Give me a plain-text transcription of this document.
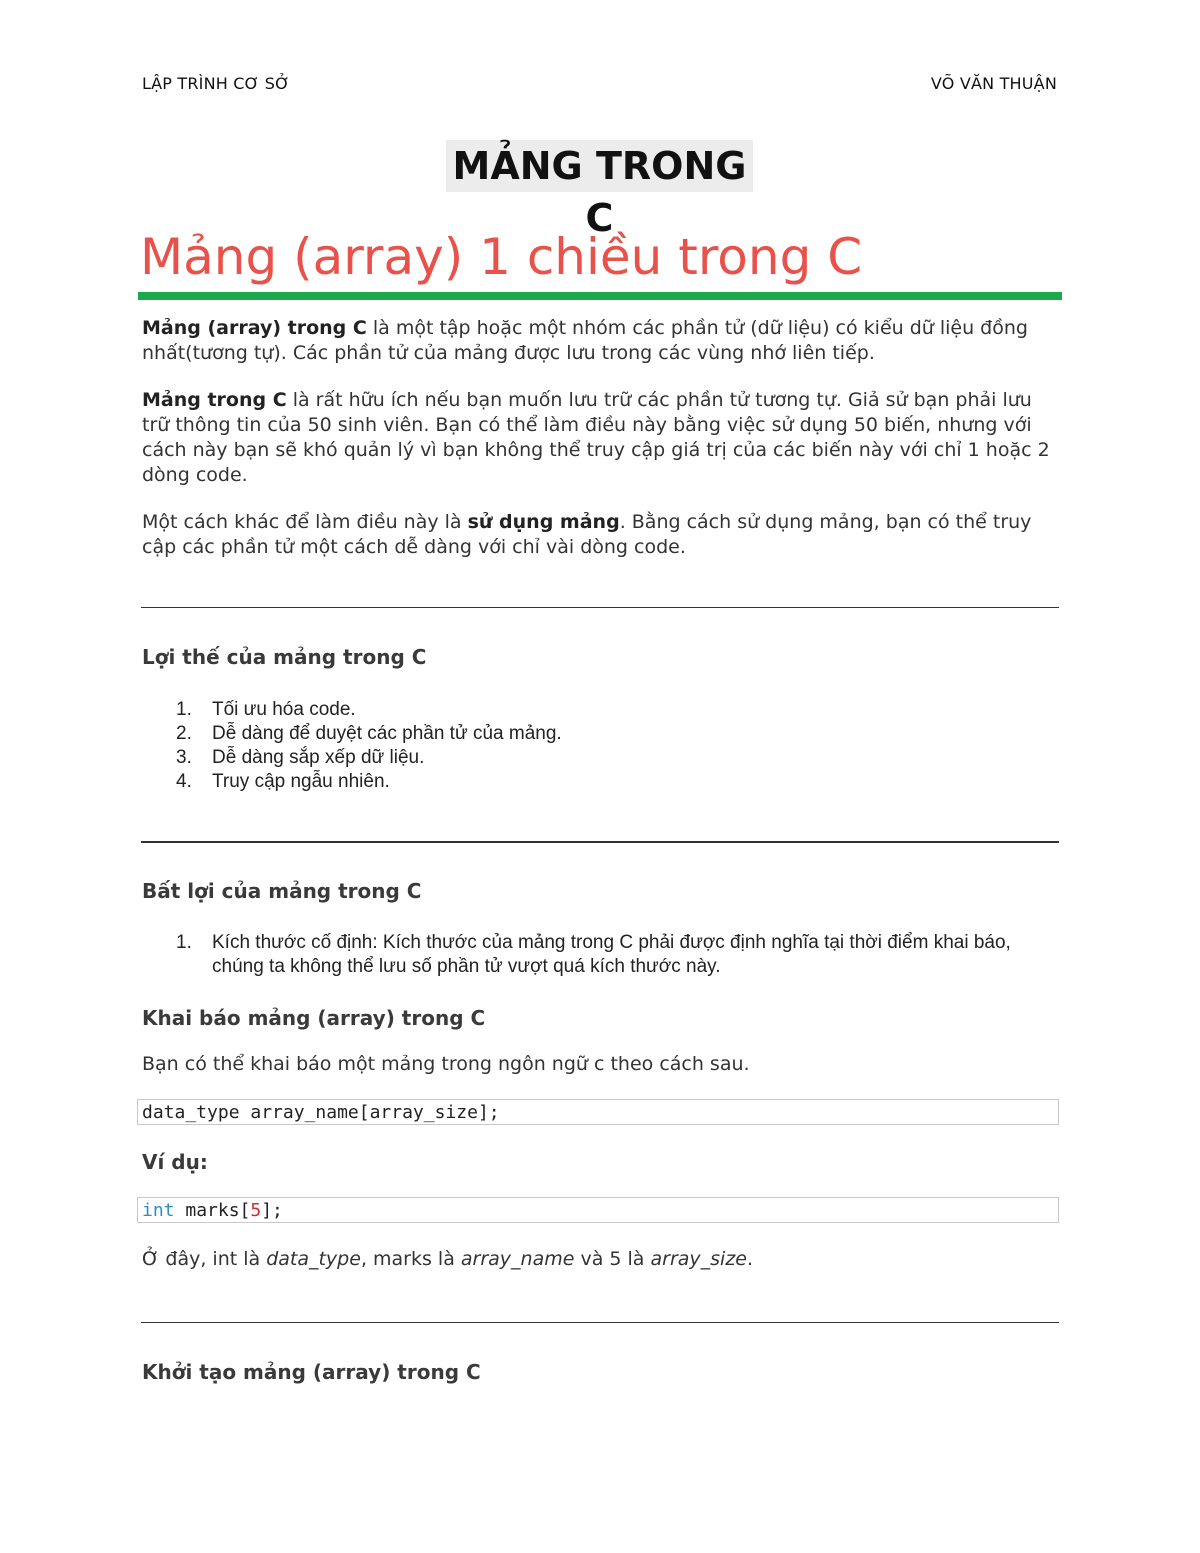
LẬP TRÌNH CƠ SỞ	VÕ VĂN THUẬN
MẢNG TRONG C
Mảng (array) 1 chiều trong C

Mảng (array) trong C là một tập hoặc một nhóm các phần tử (dữ liệu) có kiểu dữ liệu đồng nhất(tương tự). Các phần tử của mảng được lưu trong các vùng nhớ liên tiếp.

Mảng trong C là rất hữu ích nếu bạn muốn lưu trữ các phần tử tương tự. Giả sử bạn phải lưu trữ thông tin của 50 sinh viên. Bạn có thể làm điều này bằng việc sử dụng 50 biến, nhưng với cách này bạn sẽ khó quản lý vì bạn không thể truy cập giá trị của các biến này với chỉ 1 hoặc 2 dòng code.

Một cách khác để làm điều này là sử dụng mảng. Bằng cách sử dụng mảng, bạn có thể truy cập các phần tử một cách dễ dàng với chỉ vài dòng code.

Lợi thế của mảng trong C
1. Tối ưu hóa code.
2. Dễ dàng để duyệt các phần tử của mảng.
3. Dễ dàng sắp xếp dữ liệu.
4. Truy cập ngẫu nhiên.
Bất lợi của mảng trong C
1. Kích thước cố định: Kích thước của mảng trong C phải được định nghĩa tại thời điểm khai báo, chúng ta không thể lưu số phần tử vượt quá kích thước này.
Khai báo mảng (array) trong C
Bạn có thể khai báo một mảng trong ngôn ngữ c theo cách sau.
data_type array_name[array_size];
Ví dụ:
int marks[5];
Ở đây, int là data_type, marks là array_name và 5 là array_size.
Khởi tạo mảng (array) trong C
